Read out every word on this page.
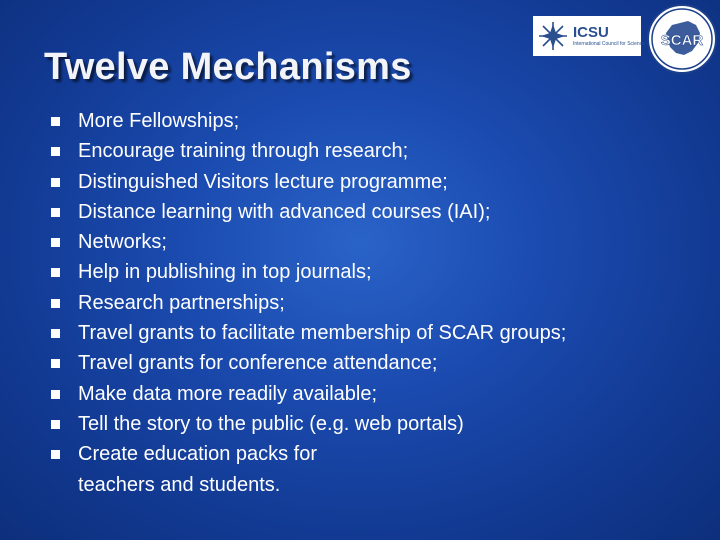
Twelve Mechanisms
ICSU
International Council for Science SCAR
More Fellowships;
Encourage training through research;
Distinguished Visitors lecture programme;
Distance learning with advanced courses (IAI);
Networks;
Help in publishing in top journals;
Research partnerships;
Travel grants to facilitate membership of SCAR groups;
Travel grants for conference attendance;
Make data more readily available;
Tell the story to the public (e.g. web portals)
Create education packs for
teachers and students.
